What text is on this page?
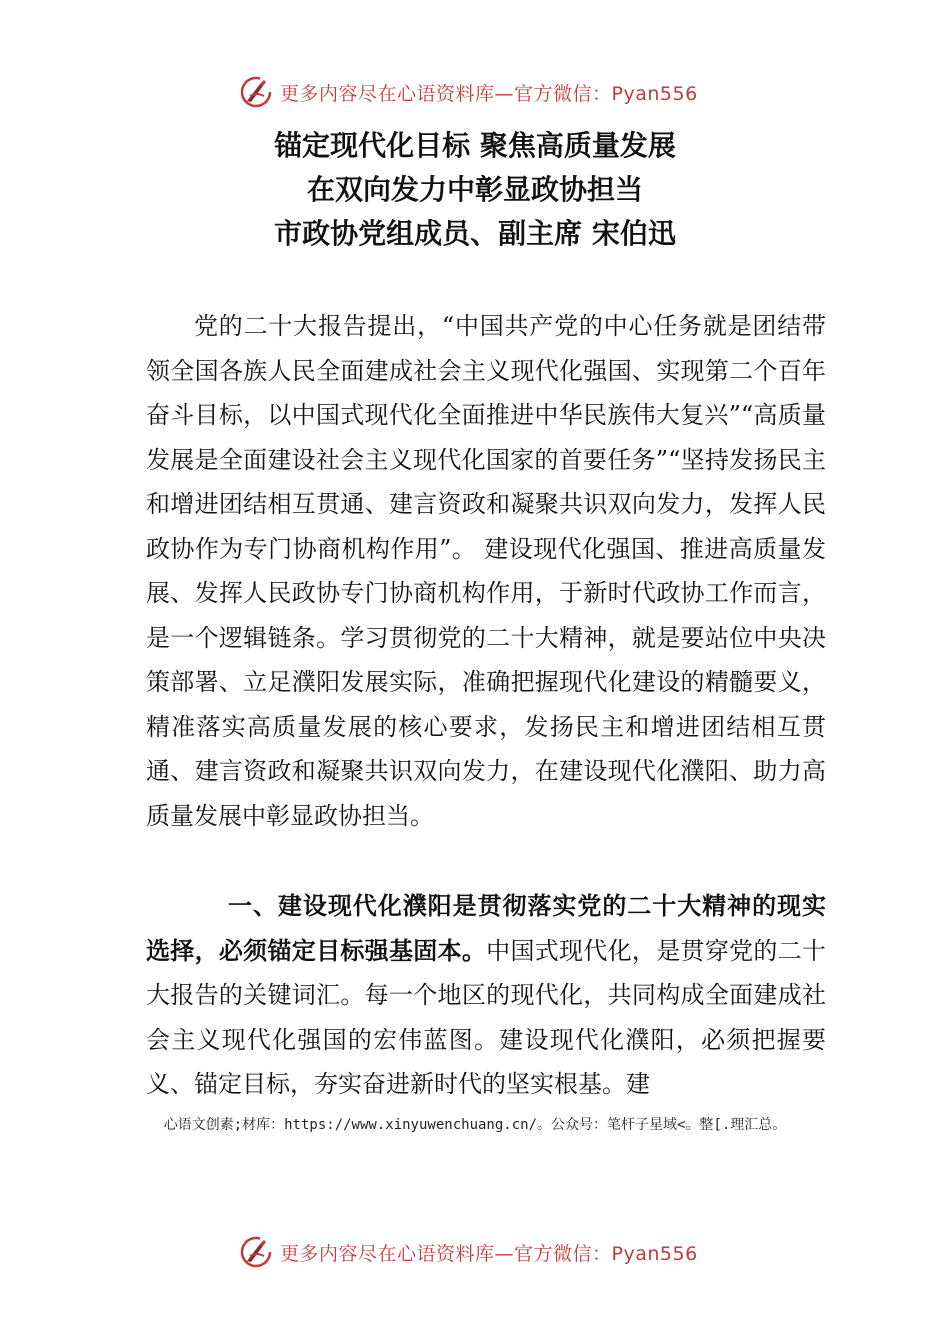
更多内容尽在心语资料库—官方微信：Pyan556
锚定现代化目标 聚焦高质量发展
在双向发力中彰显政协担当
市政协党组成员、副主席 宋伯迅

党的二十大报告提出，“中国共产党的中心任务就是团结带领全国各族人民全面建成社会主义现代化强国、实现第二个百年奋斗目标，以中国式现代化全面推进中华民族伟大复兴”“高质量发展是全面建设社会主义现代化国家的首要任务”“坚持发扬民主和增进团结相互贯通、建言资政和凝聚共识双向发力，发挥人民政协作为专门协商机构作用”。 建设现代化强国、推进高质量发展、发挥人民政协专门协商机构作用，于新时代政协工作而言，是一个逻辑链条。学习贯彻党的二十大精神，就是要站位中央决策部署、立足濮阳发展实际，准确把握现代化建设的精髓要义，精准落实高质量发展的核心要求，发扬民主和增进团结相互贯通、建言资政和凝聚共识双向发力，在建设现代化濮阳、助力高质量发展中彰显政协担当。

一、建设现代化濮阳是贯彻落实党的二十大精神的现实选择，必须锚定目标强基固本。中国式现代化，是贯穿党的二十大报告的关键词汇。每一个地区的现代化，共同构成全面建成社会主义现代化强国的宏伟蓝图。建设现代化濮阳，必须把握要义、锚定目标，夯实奋进新时代的坚实根基。建

心语文创素;材库：https://www.xinyuwenchuang.cn/。公众号：笔杆子星域<。整[.理汇总。
更多内容尽在心语资料库—官方微信：Pyan556
